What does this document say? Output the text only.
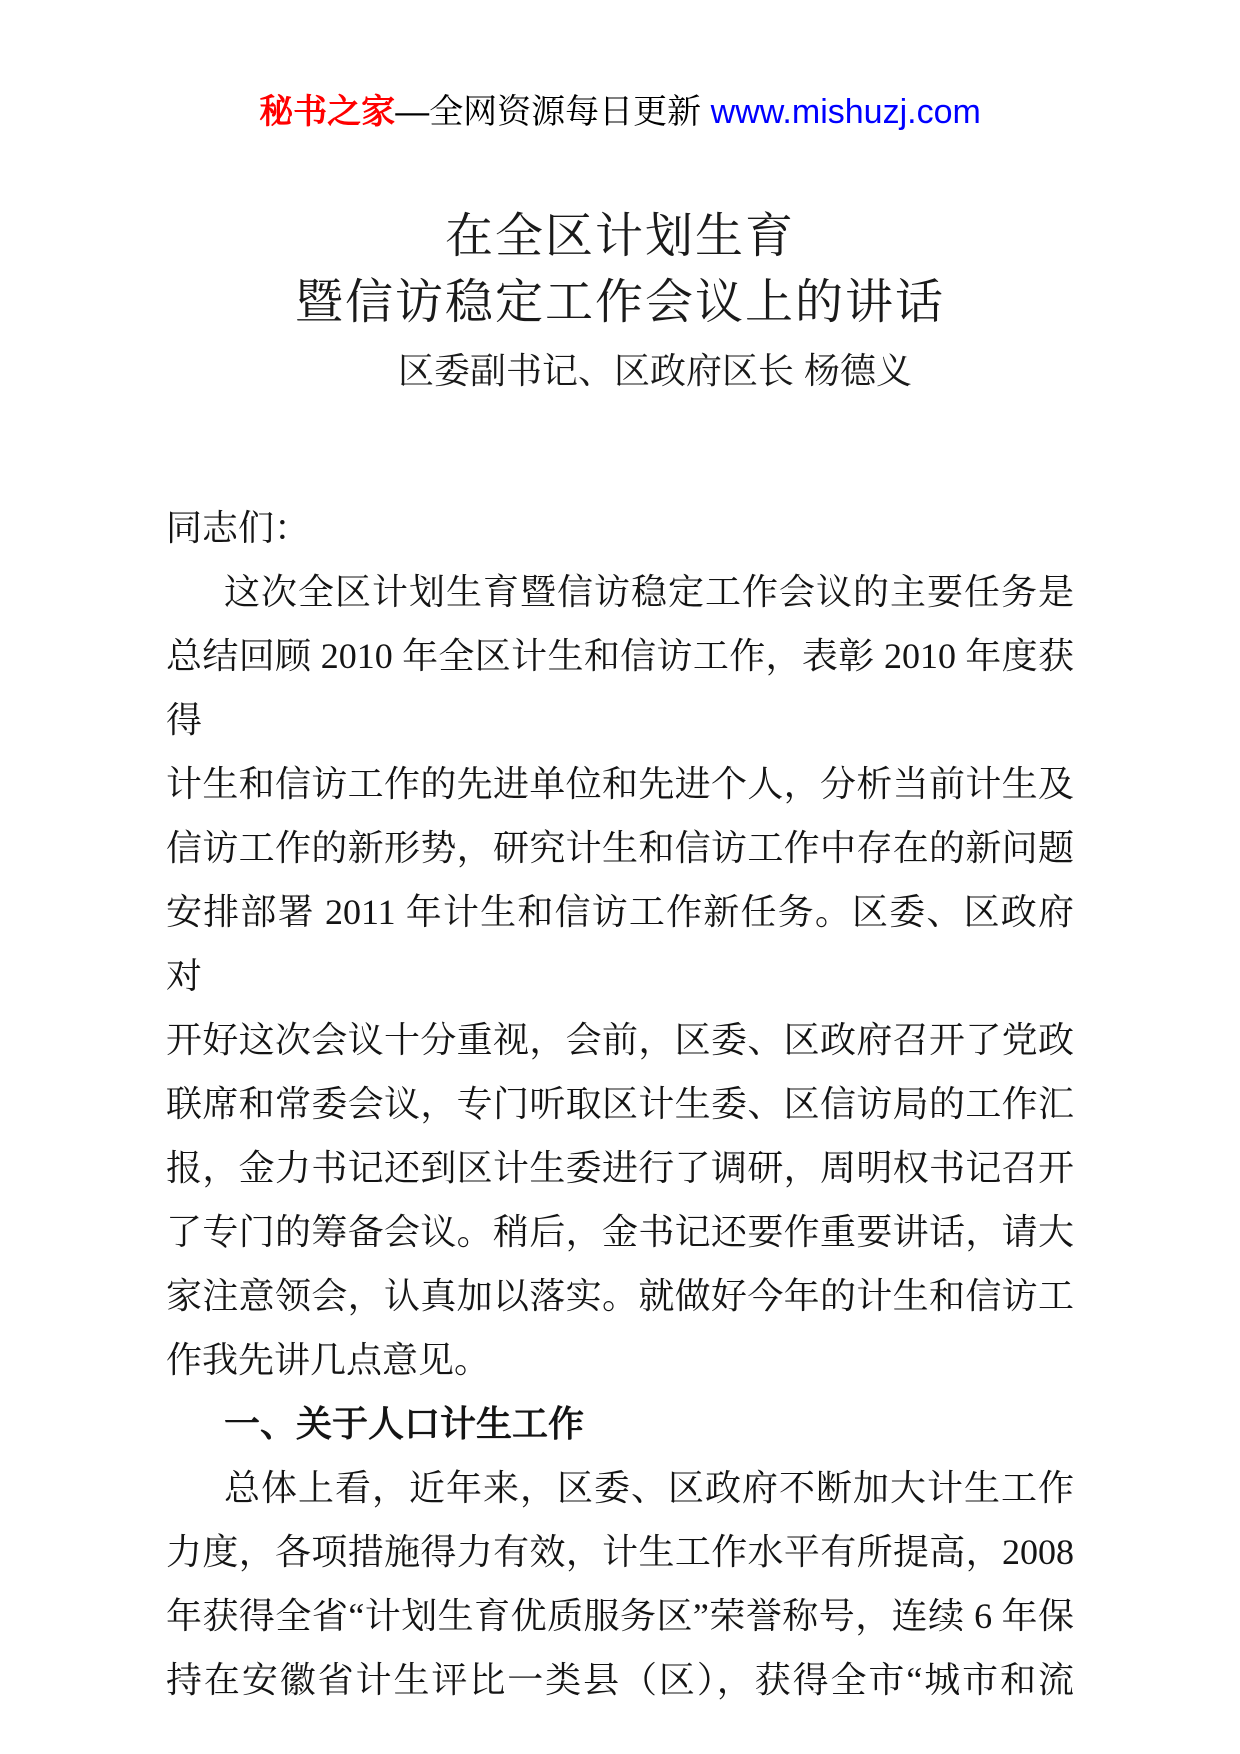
秘书之家—全网资源每日更新 www.mishuzj.com
在全区计划生育
暨信访稳定工作会议上的讲话
区委副书记、区政府区长 杨德义
同志们：
这次全区计划生育暨信访稳定工作会议的主要任务是
总结回顾 2010 年全区计生和信访工作，表彰 2010 年度获得
计生和信访工作的先进单位和先进个人，分析当前计生及
信访工作的新形势，研究计生和信访工作中存在的新问题
安排部署 2011 年计生和信访工作新任务。区委、区政府对
开好这次会议十分重视，会前，区委、区政府召开了党政
联席和常委会议，专门听取区计生委、区信访局的工作汇
报，金力书记还到区计生委进行了调研，周明权书记召开
了专门的筹备会议。稍后，金书记还要作重要讲话，请大
家注意领会，认真加以落实。就做好今年的计生和信访工
作我先讲几点意见。
一、关于人口计生工作
总体上看，近年来，区委、区政府不断加大计生工作
力度，各项措施得力有效，计生工作水平有所提高，2008
年获得全省“计划生育优质服务区”荣誉称号，连续 6 年保
持在安徽省计生评比一类县（区），获得全市“城市和流
